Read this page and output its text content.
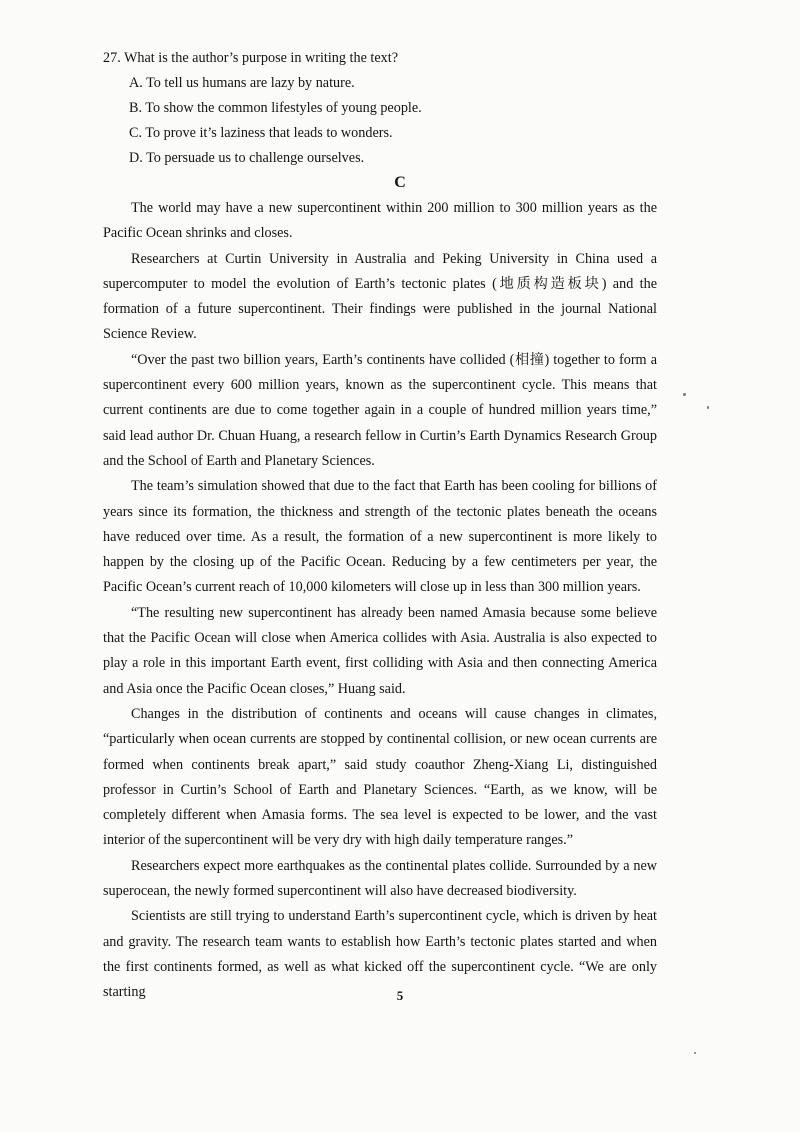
27. What is the author’s purpose in writing the text?

A. To tell us humans are lazy by nature.

B. To show the common lifestyles of young people.

C. To prove it’s laziness that leads to wonders.

D. To persuade us to challenge ourselves.

C

The world may have a new supercontinent within 200 million to 300 million years as the Pacific Ocean shrinks and closes.

Researchers at Curtin University in Australia and Peking University in China used a supercomputer to model the evolution of Earth’s tectonic plates (地质构造板块) and the formation of a future supercontinent. Their findings were published in the journal National Science Review.

“Over the past two billion years, Earth’s continents have collided (相撞) together to form a supercontinent every 600 million years, known as the supercontinent cycle. This means that current continents are due to come together again in a couple of hundred million years time,” said lead author Dr. Chuan Huang, a research fellow in Curtin’s Earth Dynamics Research Group and the School of Earth and Planetary Sciences.

The team’s simulation showed that due to the fact that Earth has been cooling for billions of years since its formation, the thickness and strength of the tectonic plates beneath the oceans have reduced over time. As a result, the formation of a new supercontinent is more likely to happen by the closing up of the Pacific Ocean. Reducing by a few centimeters per year, the Pacific Ocean’s current reach of 10,000 kilometers will close up in less than 300 million years.

“The resulting new supercontinent has already been named Amasia because some believe that the Pacific Ocean will close when America collides with Asia. Australia is also expected to play a role in this important Earth event, first colliding with Asia and then connecting America and Asia once the Pacific Ocean closes,” Huang said.

Changes in the distribution of continents and oceans will cause changes in climates, “particularly when ocean currents are stopped by continental collision, or new ocean currents are formed when continents break apart,” said study coauthor Zheng-Xiang Li, distinguished professor in Curtin’s School of Earth and Planetary Sciences. “Earth, as we know, will be completely different when Amasia forms. The sea level is expected to be lower, and the vast interior of the supercontinent will be very dry with high daily temperature ranges.”

Researchers expect more earthquakes as the continental plates collide. Surrounded by a new superocean, the newly formed supercontinent will also have decreased biodiversity.

Scientists are still trying to understand Earth’s supercontinent cycle, which is driven by heat and gravity. The research team wants to establish how Earth’s tectonic plates started and when the first continents formed, as well as what kicked off the supercontinent cycle. “We are only starting	5
